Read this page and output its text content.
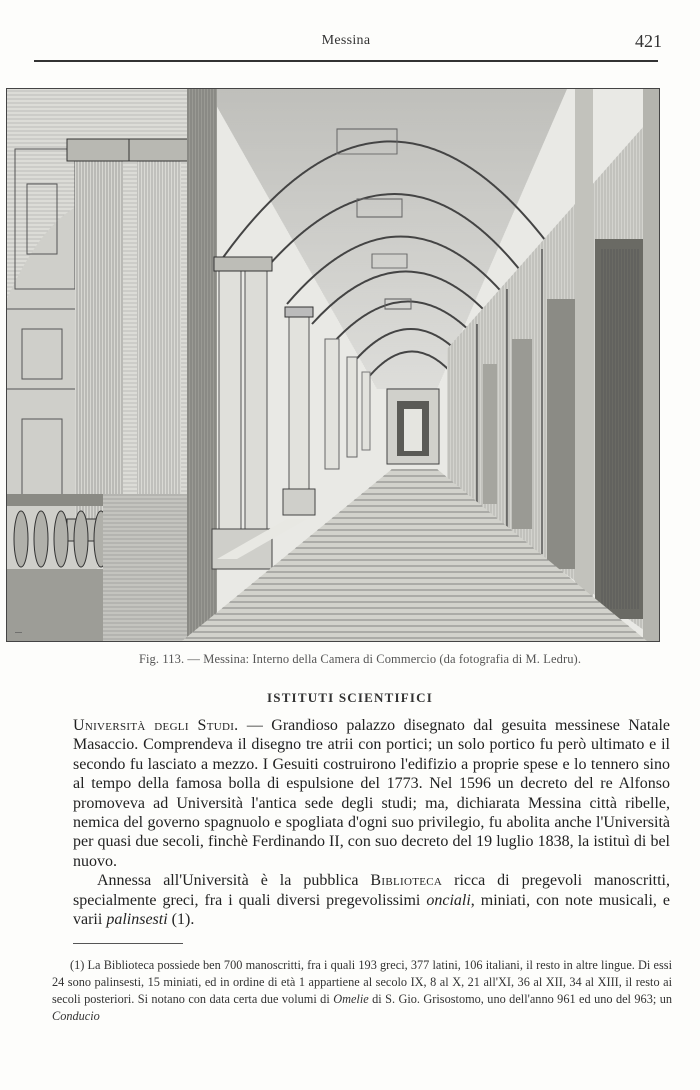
Messina	421
—
Fig. 113. — Messina: Interno della Camera di Commercio (da fotografia di M. Ledru).
ISTITUTI SCIENTIFICI

Università degli Studi. — Grandioso palazzo disegnato dal gesuita messinese Natale Masaccio. Comprendeva il disegno tre atrii con portici; un solo portico fu però ultimato e il secondo fu lasciato a mezzo. I Gesuiti costruirono l'edifizio a proprie spese e lo tennero sino al tempo della famosa bolla di espulsione del 1773. Nel 1596 un decreto del re Alfonso promoveva ad Università l'antica sede degli studi; ma, dichiarata Messina città ribelle, nemica del governo spagnuolo e spogliata d'ogni suo privilegio, fu abolita anche l'Università per quasi due secoli, finchè Ferdinando II, con suo decreto del 19 luglio 1838, la istituì di bel nuovo.

Annessa all'Università è la pubblica Biblioteca ricca di pregevoli manoscritti, specialmente greci, fra i quali diversi pregevolissimi onciali, miniati, con note musicali, e varii palinsesti (1).

(1) La Biblioteca possiede ben 700 manoscritti, fra i quali 193 greci, 377 latini, 106 italiani, il resto in altre lingue. Di essi 24 sono palinsesti, 15 miniati, ed in ordine di età 1 appartiene al secolo IX, 8 al X, 21 all'XI, 36 al XII, 34 al XIII, il resto ai secoli posteriori. Si notano con data certa due volumi di Omelie di S. Gio. Grisostomo, uno dell'anno 961 ed uno del 963; un Conducio
